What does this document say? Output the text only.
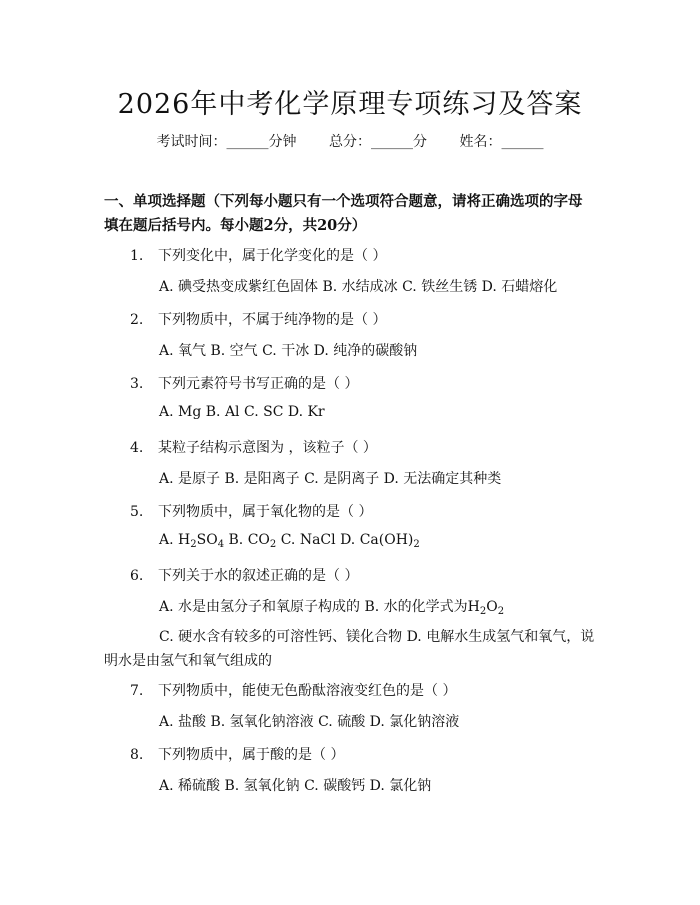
2026年中考化学原理专项练习及答案
考试时间：______分钟 总分：______分 姓名：______
一、单项选择题（下列每小题只有一个选项符合题意，请将正确选项的字母填在题后括号内。每小题2分，共20分）
1. 下列变化中，属于化学变化的是（ ）
A. 碘受热变成紫红色固体 B. 水结成冰 C. 铁丝生锈 D. 石蜡熔化
2. 下列物质中，不属于纯净物的是（ ）
A. 氧气 B. 空气 C. 干冰 D. 纯净的碳酸钠
3. 下列元素符号书写正确的是（ ）
A. Mg B. Al C. SC D. Kr
4. 某粒子结构示意图为 ，该粒子（ ）
A. 是原子 B. 是阳离子 C. 是阴离子 D. 无法确定其种类
5. 下列物质中，属于氧化物的是（ ）
A. $H_2SO_4$ B. $CO_2$ C. NaCl D. $Ca(OH)_2$
6. 下列关于水的叙述正确的是（ ）
A. 水是由氢分子和氧原子构成的 B. 水的化学式为$H_2O_2$
C. 硬水含有较多的可溶性钙、镁化合物 D. 电解水生成氢气和氧气，说明水是由氢气和氧气组成的
7. 下列物质中，能使无色酚酞溶液变红色的是（ ）
A. 盐酸 B. 氢氧化钠溶液 C. 硫酸 D. 氯化钠溶液
8. 下列物质中，属于酸的是（ ）
A. 稀硫酸 B. 氢氧化钠 C. 碳酸钙 D. 氯化钠
